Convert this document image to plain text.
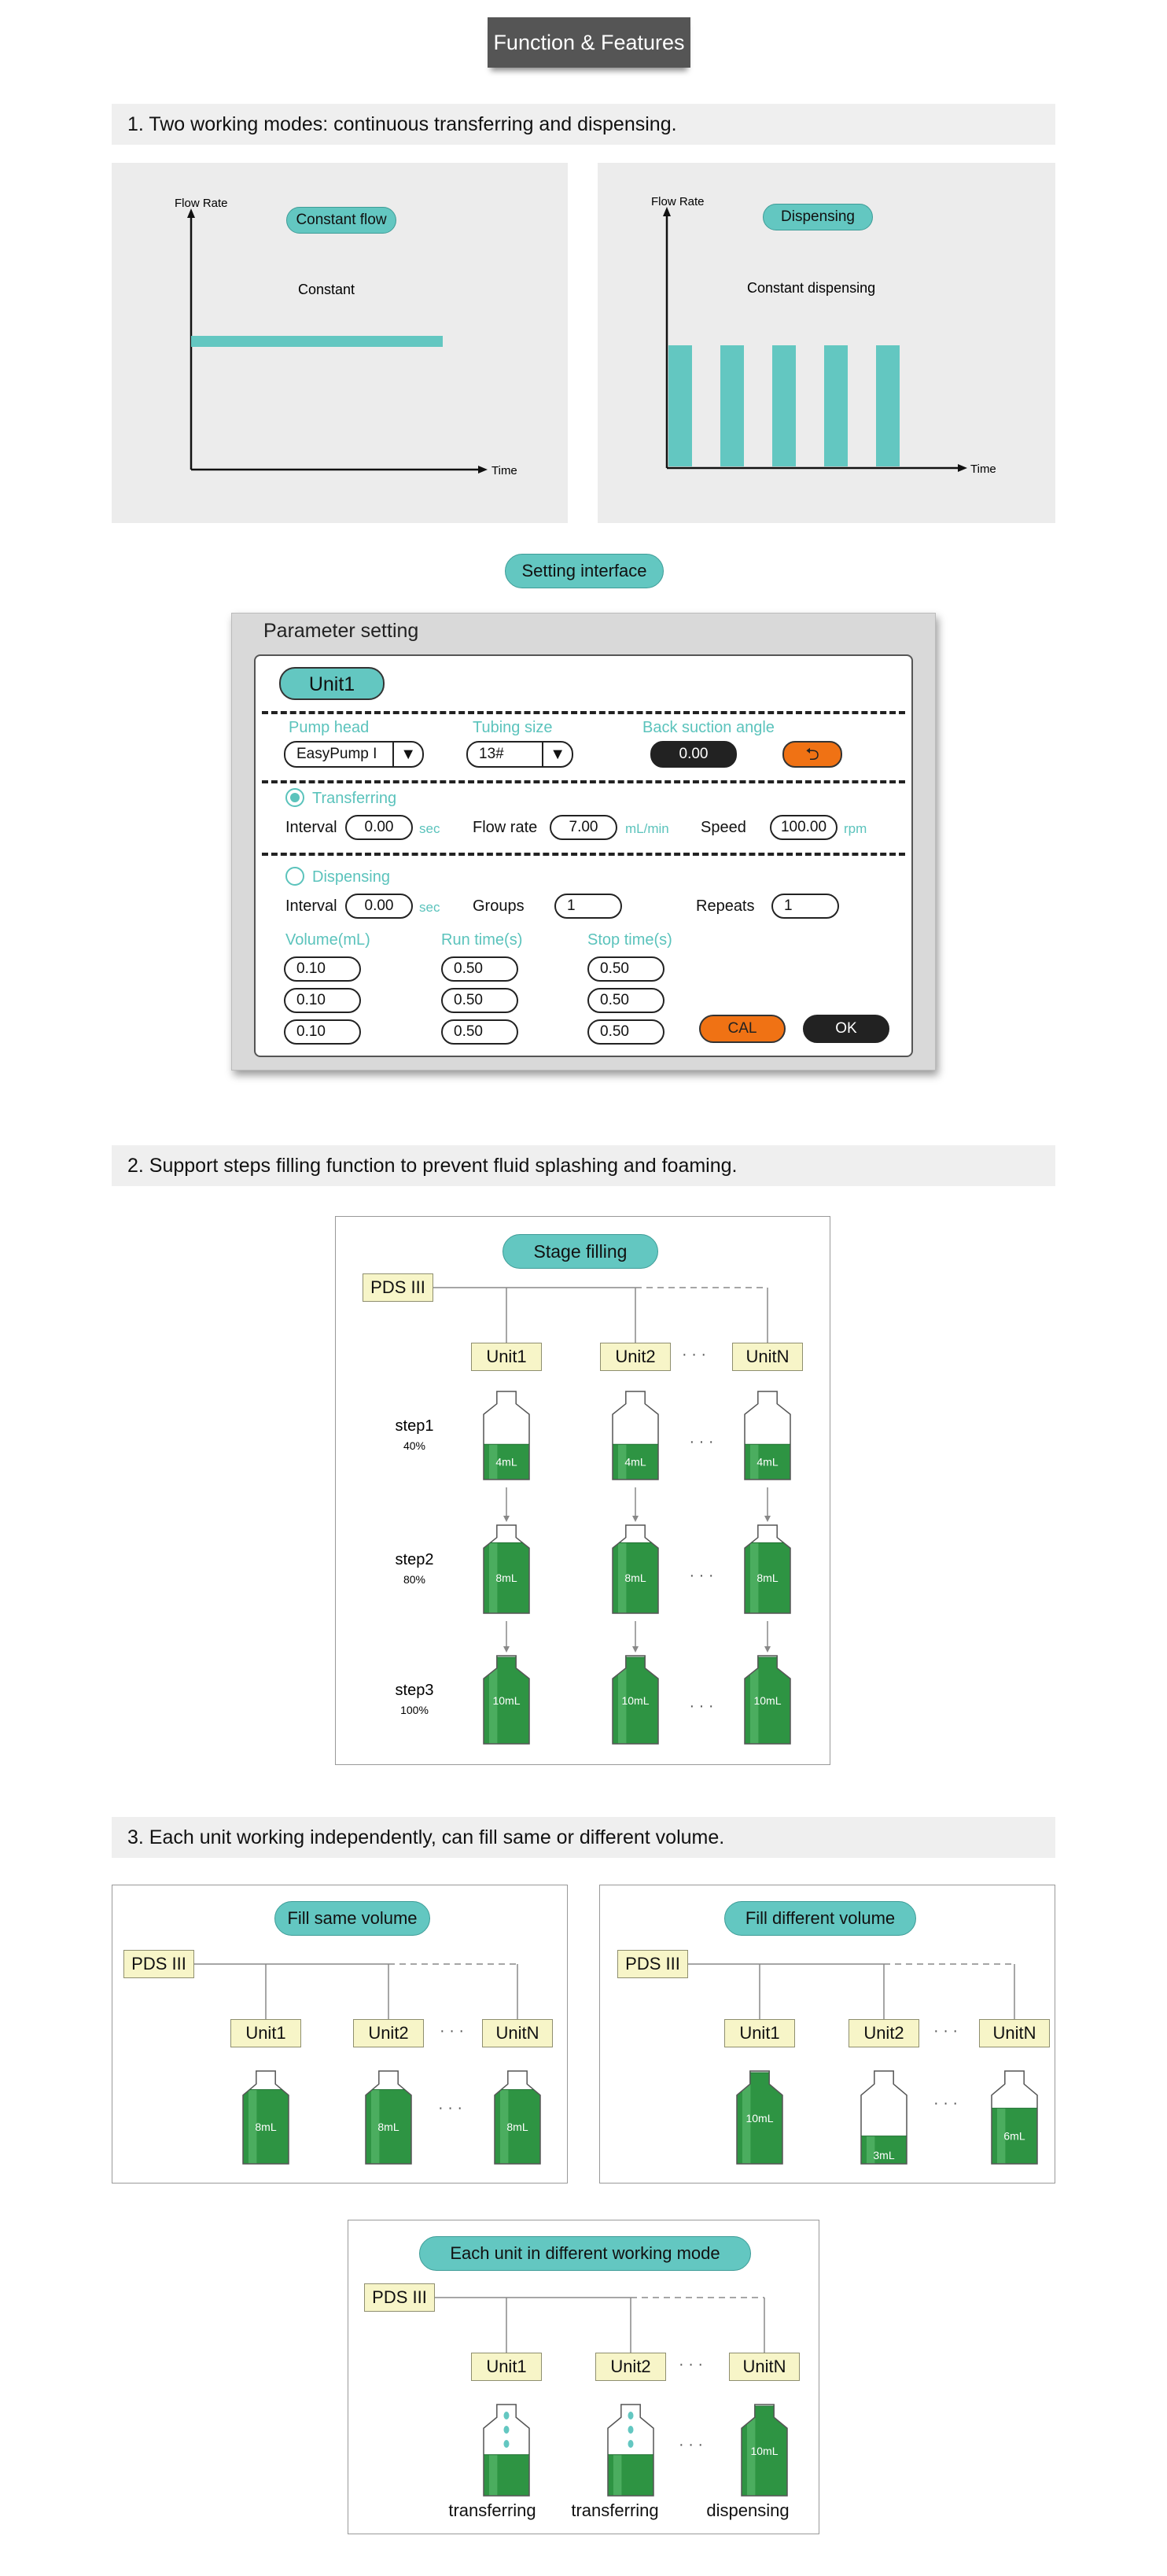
Function & Features
1. Two working modes: continuous transferring and dispensing.
Flow Rate
Time
Constant
Constant flow
Flow Rate
Time
Constant dispensing
Dispensing
Setting interface
Parameter setting
Unit1
Pump head
EasyPump I ▼
Tubing size
13#	▼
Back suction angle
0.00	⮌
Transferring
Interval	0.00	sec Flow rate	7.00	mL/min Speed	100.00	rpm
Dispensing
Interval	0.00	sec Groups	1	Repeats	1
Volume(mL)	Run time(s)	Stop time(s)
0.10	0.50	0.50
0.10	0.50	0.50
0.10	0.50	0.50	CAL	OK
2. Support steps filling function to prevent fluid splashing and foaming.
step1
40%
4mL	4mL	4mL
· · ·
step2
80%	8mL	8mL	8mL
· · ·
step3
100%
10mL	10mL	10mL
· · ·
Stage filling
PDS III
Unit1	Unit2	UnitN
· · ·
3. Each unit working independently, can fill same or different volume.
8mL	8mL	8mL
Fill same volume
PDS III
Unit1	Unit2	UnitN
· · ·
· · ·
10mL
3mL
6mL
Fill different volume
PDS III
Unit1	Unit2	UnitN
· · ·
· · ·
10mL
Each unit in different working mode
PDS III
Unit1	Unit2	UnitN
· · ·
· · ·
transferring	transferring	dispensing
